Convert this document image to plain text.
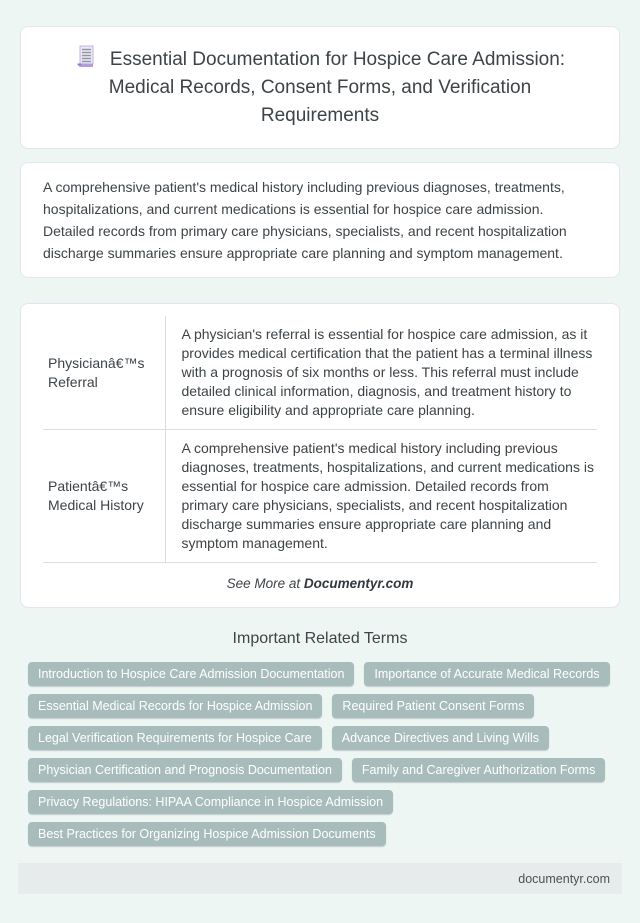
Essential Documentation for Hospice Care Admission: Medical Records, Consent Forms, and Verification Requirements

A comprehensive patient's medical history including previous diagnoses, treatments, hospitalizations, and current medications is essential for hospice care admission. Detailed records from primary care physicians, specialists, and recent hospitalization discharge summaries ensure appropriate care planning and symptom management.

Physicianâ€™s Referral	A physician's referral is essential for hospice care admission, as it provides medical certification that the patient has a terminal illness with a prognosis of six months or less. This referral must include detailed clinical information, diagnosis, and treatment history to ensure eligibility and appropriate care planning.
Patientâ€™s Medical History	A comprehensive patient's medical history including previous diagnoses, treatments, hospitalizations, and current medications is essential for hospice care admission. Detailed records from primary care physicians, specialists, and recent hospitalization discharge summaries ensure appropriate care planning and symptom management.
See More at Documentyr.com
Important Related Terms
Introduction to Hospice Care Admission Documentation	Importance of Accurate Medical Records
Essential Medical Records for Hospice Admission	Required Patient Consent Forms
Legal Verification Requirements for Hospice Care	Advance Directives and Living Wills
Physician Certification and Prognosis Documentation	Family and Caregiver Authorization Forms
Privacy Regulations: HIPAA Compliance in Hospice Admission
Best Practices for Organizing Hospice Admission Documents
documentyr.com
